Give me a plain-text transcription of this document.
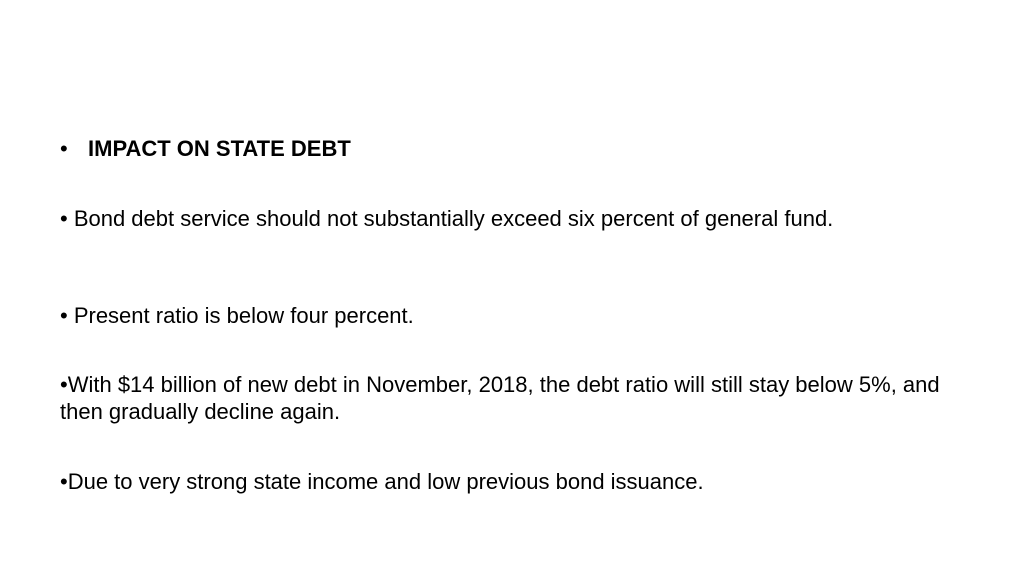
• IMPACT ON STATE DEBT
• Bond debt service should not substantially exceed six percent of general fund.
• Present ratio is below four percent.
•With $14 billion of new debt in November, 2018, the debt ratio will still stay below 5%, and then gradually decline again.
•Due to very strong state income and low previous bond issuance.
